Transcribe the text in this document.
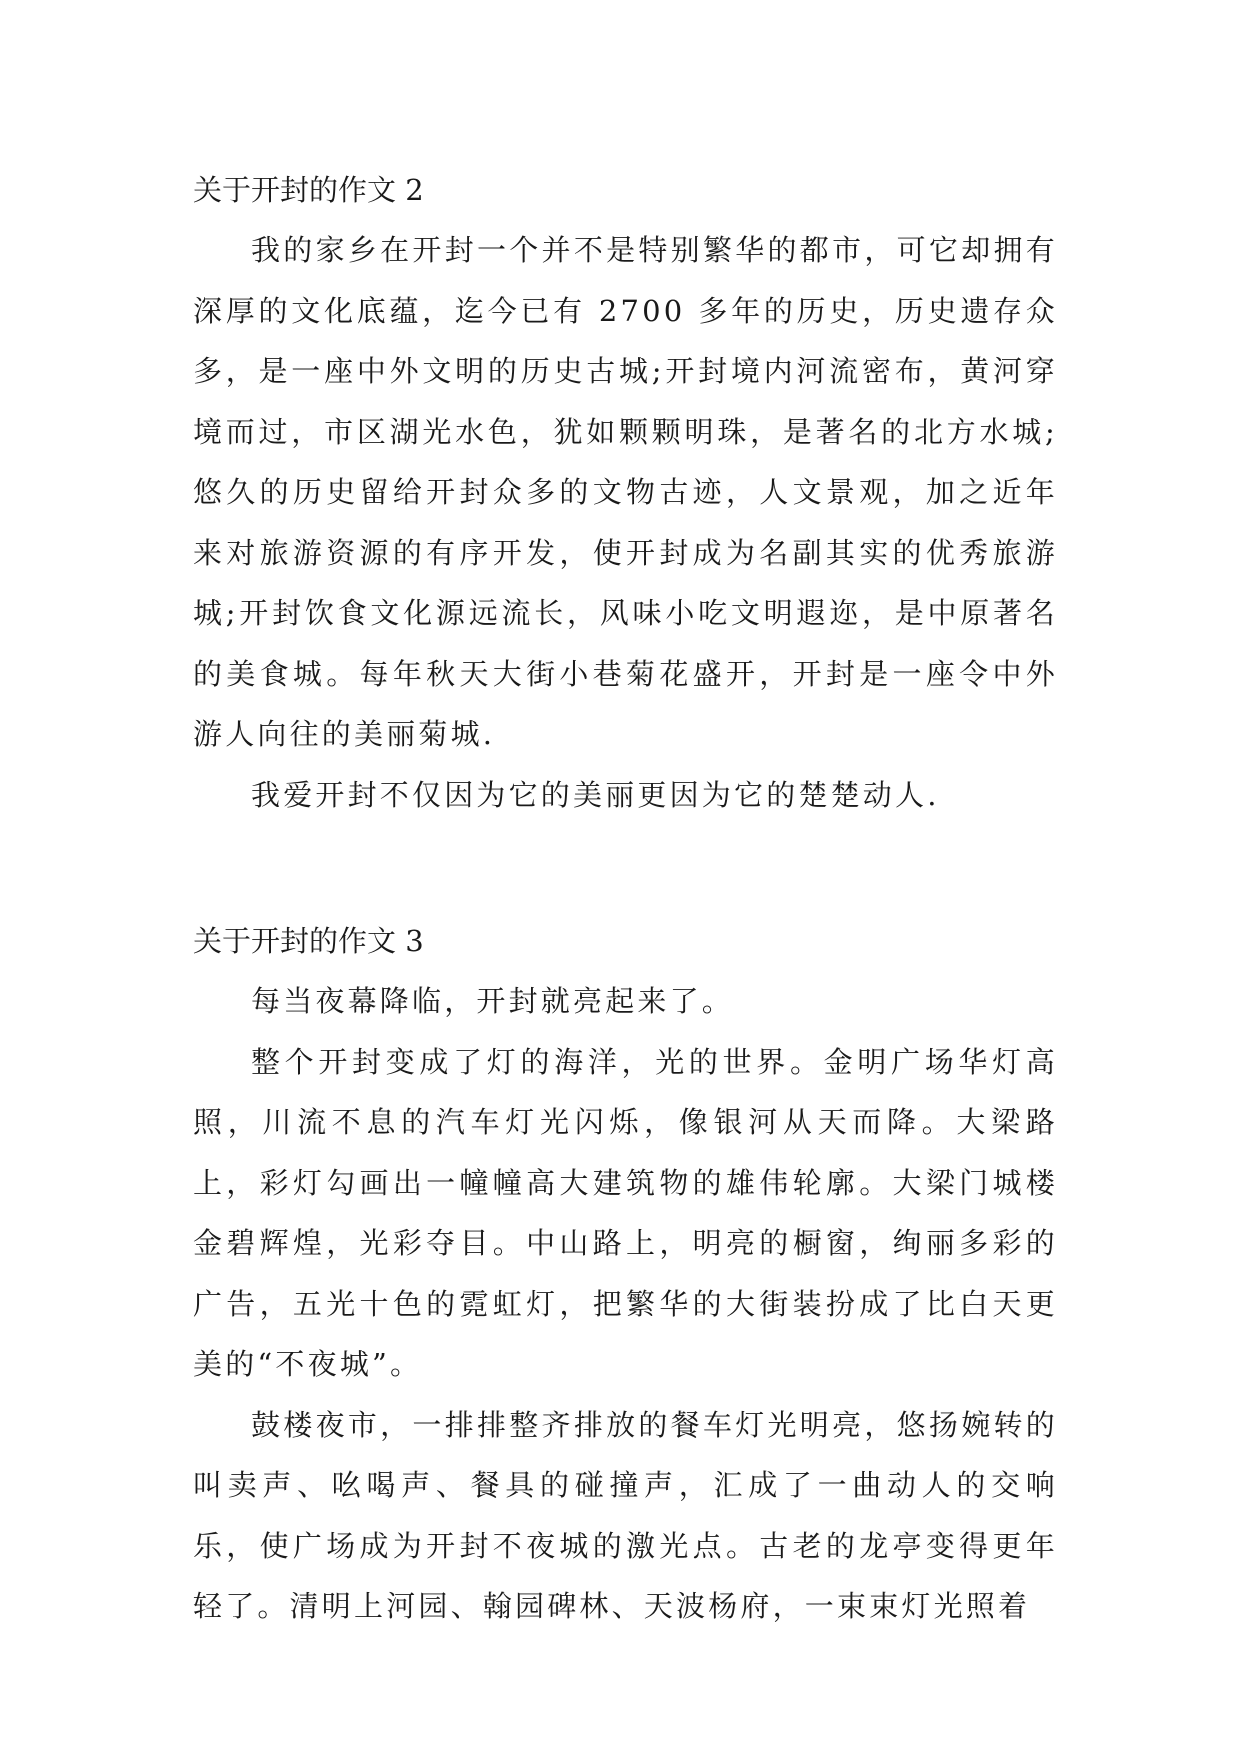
关于开封的作文 2

我的家乡在开封一个并不是特别繁华的都市，可它却拥有深厚的文化底蕴，迄今已有 2700 多年的历史，历史遗存众多，是一座中外文明的历史古城;开封境内河流密布，黄河穿境而过，市区湖光水色，犹如颗颗明珠，是著名的北方水城;悠久的历史留给开封众多的文物古迹，人文景观，加之近年来对旅游资源的有序开发，使开封成为名副其实的优秀旅游城;开封饮食文化源远流长，风味小吃文明遐迩，是中原著名的美食城。每年秋天大街小巷菊花盛开，开封是一座令中外游人向往的美丽菊城.

我爱开封不仅因为它的美丽更因为它的楚楚动人.

关于开封的作文 3

每当夜幕降临，开封就亮起来了。

整个开封变成了灯的海洋，光的世界。金明广场华灯高照，川流不息的汽车灯光闪烁，像银河从天而降。大梁路上，彩灯勾画出一幢幢高大建筑物的雄伟轮廓。大梁门城楼金碧辉煌，光彩夺目。中山路上，明亮的橱窗，绚丽多彩的广告，五光十色的霓虹灯，把繁华的大街装扮成了比白天更美的“不夜城”。

鼓楼夜市，一排排整齐排放的餐车灯光明亮，悠扬婉转的叫卖声、吆喝声、餐具的碰撞声，汇成了一曲动人的交响乐，使广场成为开封不夜城的激光点。古老的龙亭变得更年轻了。清明上河园、翰园碑林、天波杨府，一束束灯光照着
